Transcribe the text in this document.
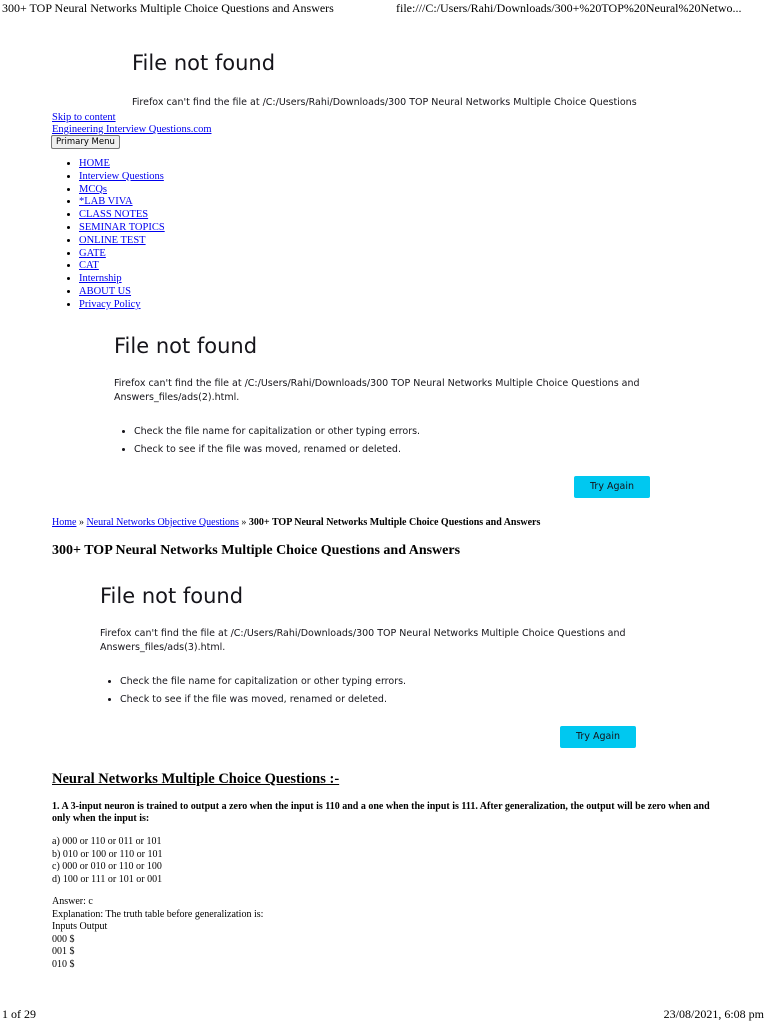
300+ TOP Neural Networks Multiple Choice Questions and Answers	file:///C:/Users/Rahi/Downloads/300+%20TOP%20Neural%20Netwo...
File not found
Firefox can't find the file at /C:/Users/Rahi/Downloads/300 TOP Neural Networks Multiple Choice Questions
Skip to content
Engineering Interview Questions.com
Primary Menu
• HOME
• Interview Questions
• MCQs
• *LAB VIVA
• CLASS NOTES
• SEMINAR TOPICS
• ONLINE TEST
• GATE
• CAT
• Internship
• ABOUT US
• Privacy Policy
File not found
Firefox can't find the file at /C:/Users/Rahi/Downloads/300 TOP Neural Networks Multiple Choice Questions and Answers_files/ads(2).html.
• Check the file name for capitalization or other typing errors.
• Check to see if the file was moved, renamed or deleted.
Try Again
Home » Neural Networks Objective Questions » 300+ TOP Neural Networks Multiple Choice Questions and Answers
300+ TOP Neural Networks Multiple Choice Questions and Answers
File not found
Firefox can't find the file at /C:/Users/Rahi/Downloads/300 TOP Neural Networks Multiple Choice Questions and Answers_files/ads(3).html.
• Check the file name for capitalization or other typing errors.
• Check to see if the file was moved, renamed or deleted.
Try Again
Neural Networks Multiple Choice Questions :-

1. A 3-input neuron is trained to output a zero when the input is 110 and a one when the input is 111. After generalization, the output will be zero when and only when the input is:

a) 000 or 110 or 011 or 101
b) 010 or 100 or 110 or 101
c) 000 or 010 or 110 or 100
d) 100 or 111 or 101 or 001
Answer: c
Explanation: The truth table before generalization is:
Inputs Output
000 $
001 $
010 $
1 of 29	23/08/2021, 6:08 pm
